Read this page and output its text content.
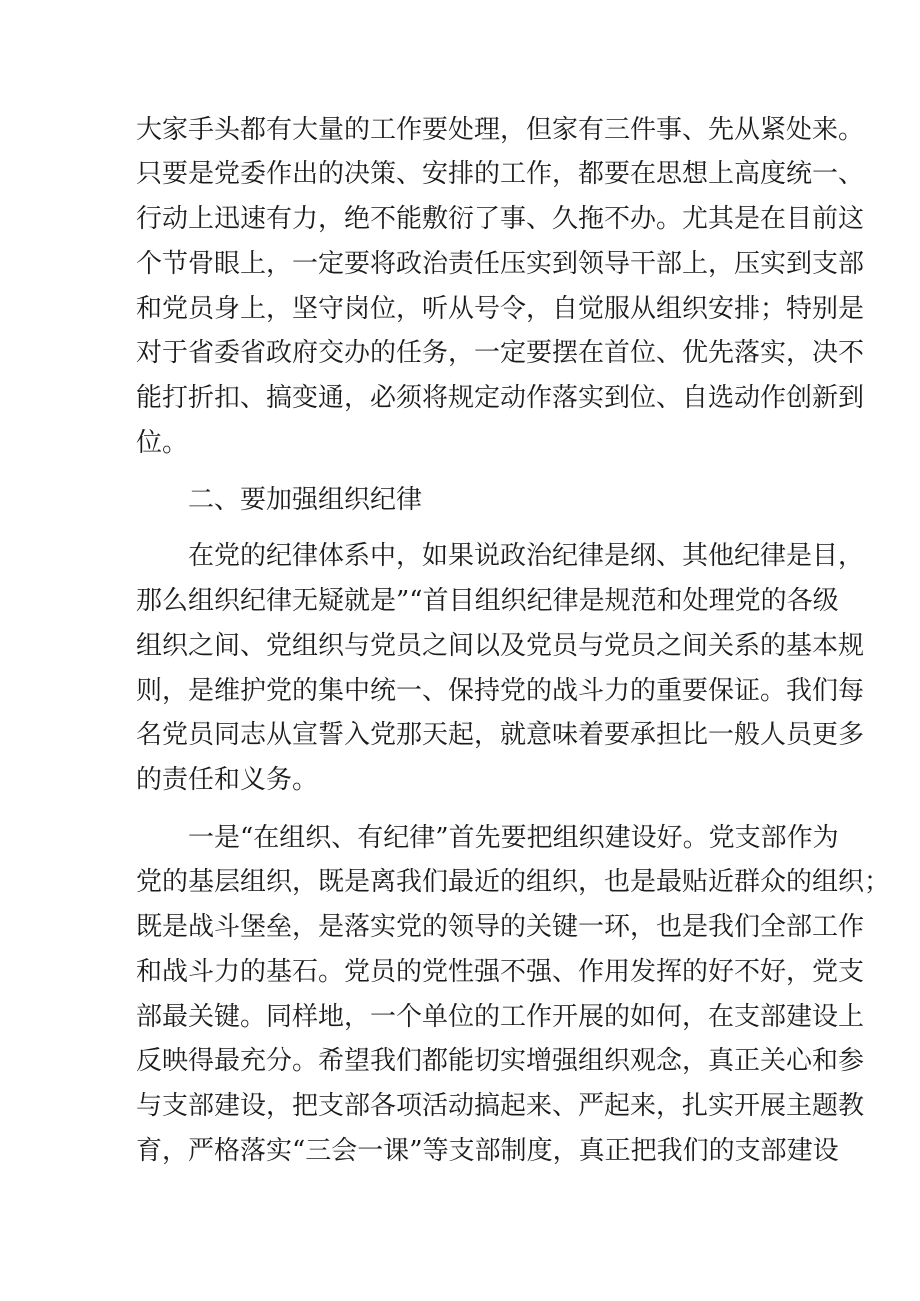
大家手头都有大量的工作要处理，但家有三件事、先从紧处来。
只要是党委作出的决策、安排的工作，都要在思想上高度统一、
行动上迅速有力，绝不能敷衍了事、久拖不办。尤其是在目前这
个节骨眼上，一定要将政治责任压实到领导干部上，压实到支部
和党员身上，坚守岗位，听从号令，自觉服从组织安排；特别是
对于省委省政府交办的任务，一定要摆在首位、优先落实，决不
能打折扣、搞变通，必须将规定动作落实到位、自选动作创新到
位。
二、要加强组织纪律
在党的纪律体系中，如果说政治纪律是纲、其他纪律是目，
那么组织纪律无疑就是”“首目组织纪律是规范和处理党的各级
组织之间、党组织与党员之间以及党员与党员之间关系的基本规
则，是维护党的集中统一、保持党的战斗力的重要保证。我们每
名党员同志从宣誓入党那天起，就意味着要承担比一般人员更多
的责任和义务。
一是“在组织、有纪律”首先要把组织建设好。党支部作为
党的基层组织，既是离我们最近的组织，也是最贴近群众的组织；
既是战斗堡垒，是落实党的领导的关键一环，也是我们全部工作
和战斗力的基石。党员的党性强不强、作用发挥的好不好，党支
部最关键。同样地，一个单位的工作开展的如何，在支部建设上
反映得最充分。希望我们都能切实增强组织观念，真正关心和参
与支部建设，把支部各项活动搞起来、严起来，扎实开展主题教
育，严格落实“三会一课”等支部制度，真正把我们的支部建设
